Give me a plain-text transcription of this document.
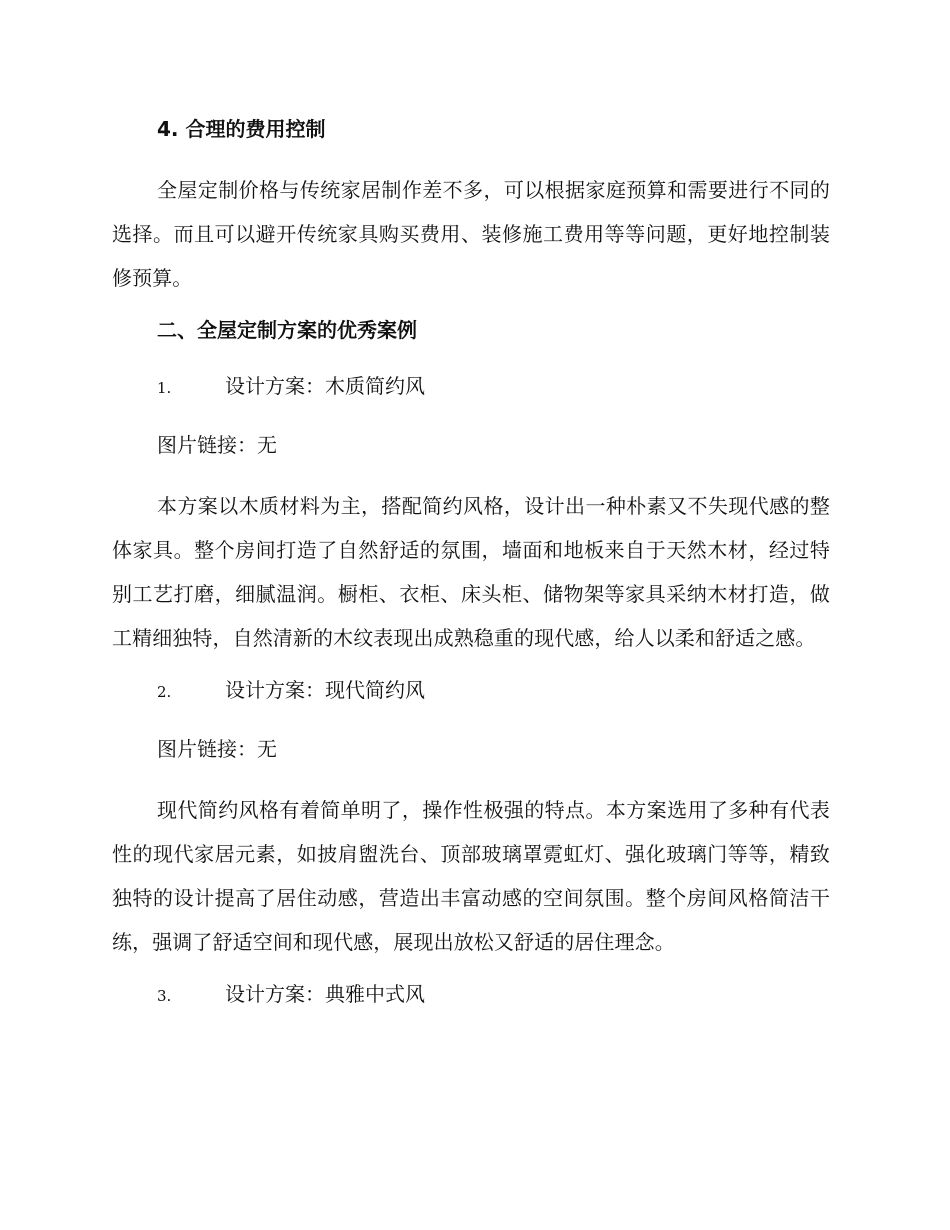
4. 合理的费用控制

全屋定制价格与传统家居制作差不多，可以根据家庭预算和需要进行不同的选择。而且可以避开传统家具购买费用、装修施工费用等等问题，更好地控制装修预算。

二、全屋定制方案的优秀案例
1.	设计方案：木质简约风
图片链接：无

本方案以木质材料为主，搭配简约风格，设计出一种朴素又不失现代感的整体家具。整个房间打造了自然舒适的氛围，墙面和地板来自于天然木材，经过特别工艺打磨，细腻温润。橱柜、衣柜、床头柜、储物架等家具采纳木材打造，做工精细独特，自然清新的木纹表现出成熟稳重的现代感，给人以柔和舒适之感。

2.	设计方案：现代简约风
图片链接：无

现代简约风格有着简单明了，操作性极强的特点。本方案选用了多种有代表性的现代家居元素，如披肩盥洗台、顶部玻璃罩霓虹灯、强化玻璃门等等，精致独特的设计提高了居住动感，营造出丰富动感的空间氛围。整个房间风格简洁干练，强调了舒适空间和现代感，展现出放松又舒适的居住理念。

3.	设计方案：典雅中式风
